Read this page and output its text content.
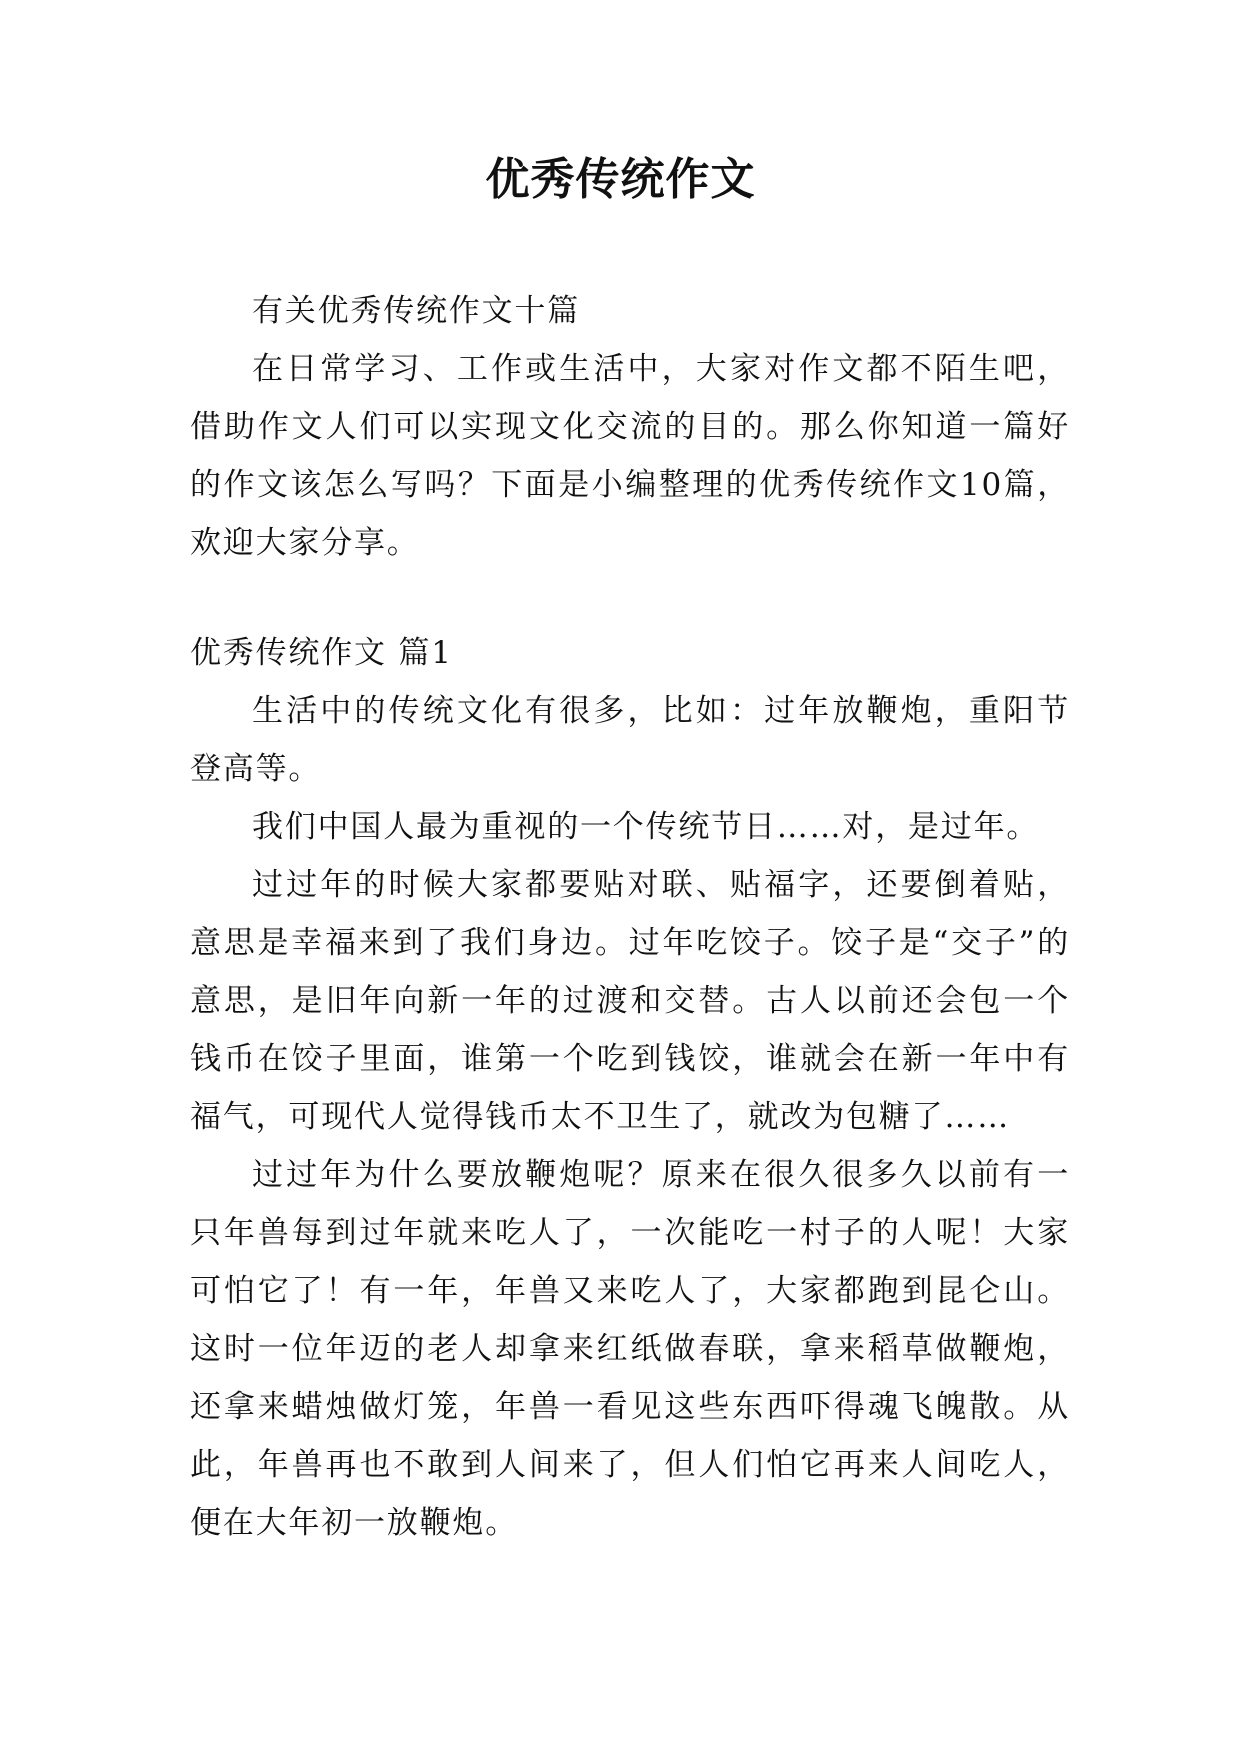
优秀传统作文

有关优秀传统作文十篇

在日常学习、工作或生活中，大家对作文都不陌生吧，借助作文人们可以实现文化交流的目的。那么你知道一篇好的作文该怎么写吗？下面是小编整理的优秀传统作文10篇，欢迎大家分享。

优秀传统作文 篇1

生活中的传统文化有很多，比如：过年放鞭炮，重阳节登高等。

我们中国人最为重视的一个传统节日……对，是过年。

过过年的时候大家都要贴对联、贴福字，还要倒着贴，意思是幸福来到了我们身边。过年吃饺子。饺子是“交子”的意思，是旧年向新一年的过渡和交替。古人以前还会包一个钱币在饺子里面，谁第一个吃到钱饺，谁就会在新一年中有福气，可现代人觉得钱币太不卫生了，就改为包糖了……

过过年为什么要放鞭炮呢？原来在很久很多久以前有一只年兽每到过年就来吃人了，一次能吃一村子的人呢！大家可怕它了！有一年，年兽又来吃人了，大家都跑到昆仑山。这时一位年迈的老人却拿来红纸做春联，拿来稻草做鞭炮，还拿来蜡烛做灯笼，年兽一看见这些东西吓得魂飞魄散。从此，年兽再也不敢到人间来了，但人们怕它再来人间吃人，便在大年初一放鞭炮。
